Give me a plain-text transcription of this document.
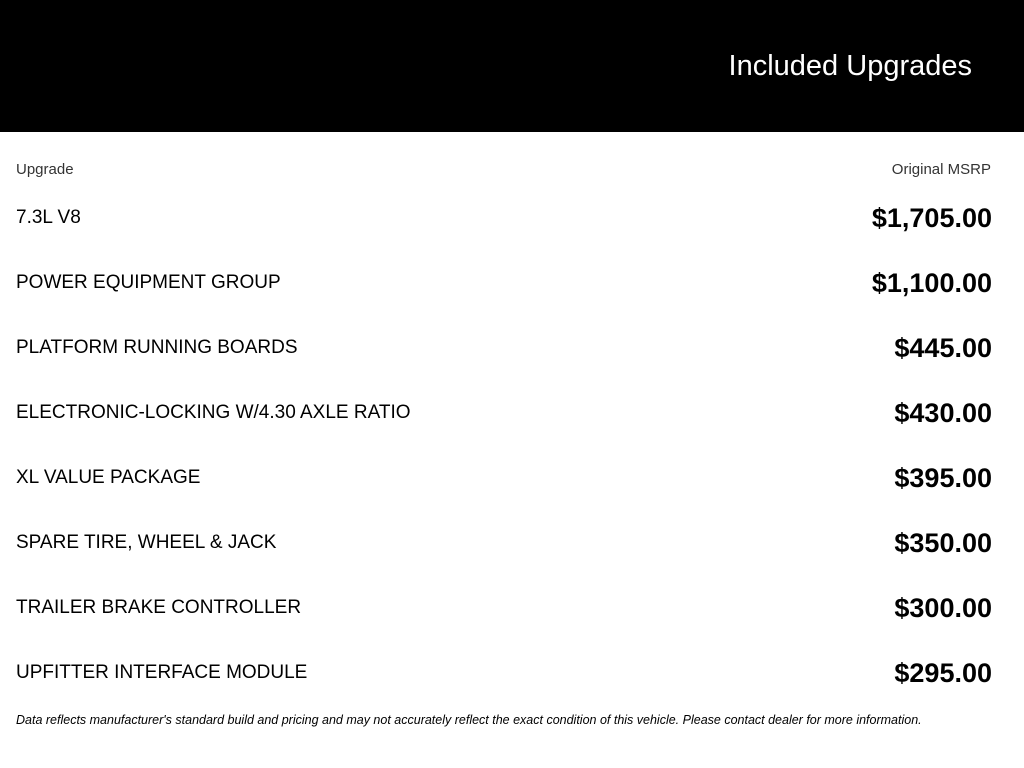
Included Upgrades
Upgrade	Original MSRP
7.3L V8	$1,705.00
POWER EQUIPMENT GROUP	$1,100.00
PLATFORM RUNNING BOARDS	$445.00
ELECTRONIC-LOCKING W/4.30 AXLE RATIO	$430.00
XL VALUE PACKAGE	$395.00
SPARE TIRE, WHEEL & JACK	$350.00
TRAILER BRAKE CONTROLLER	$300.00
UPFITTER INTERFACE MODULE	$295.00
Data reflects manufacturer's standard build and pricing and may not accurately reflect the exact condition of this vehicle. Please contact dealer for more information.
